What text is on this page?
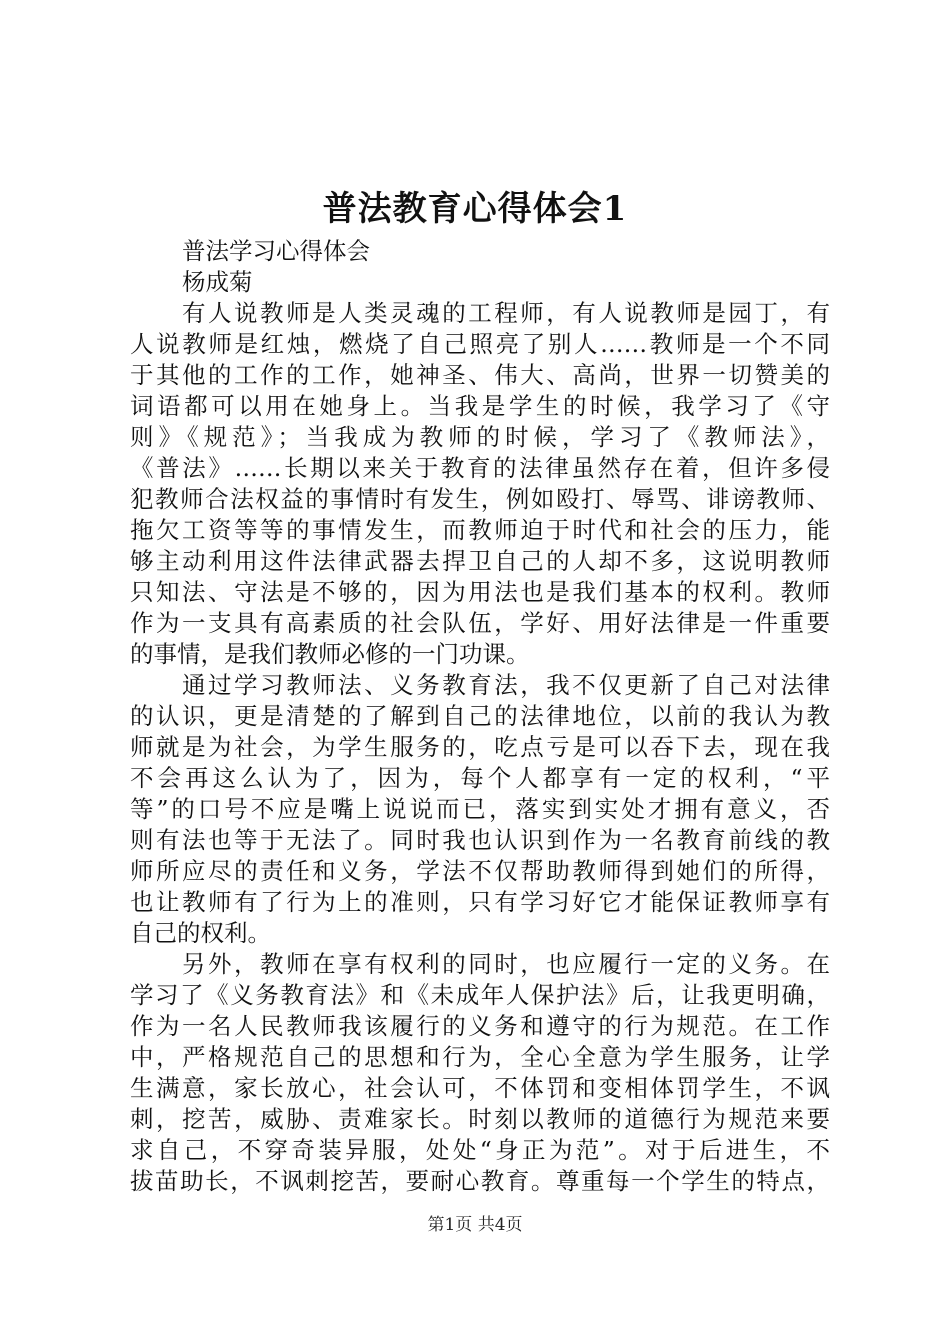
普法教育心得体会1
普法学习心得体会
杨成菊
有人说教师是人类灵魂的工程师，有人说教师是园丁，有
人说教师是红烛，燃烧了自己照亮了别人……教师是一个不同
于其他的工作的工作，她神圣、伟大、高尚，世界一切赞美的
词语都可以用在她身上。当我是学生的时候，我学习了《守
则》《规范》；当我成为教师的时候，学习了《教师法》，
《普法》……长期以来关于教育的法律虽然存在着，但许多侵
犯教师合法权益的事情时有发生，例如殴打、辱骂、诽谤教师、
拖欠工资等等的事情发生，而教师迫于时代和社会的压力，能
够主动利用这件法律武器去捍卫自己的人却不多，这说明教师
只知法、守法是不够的，因为用法也是我们基本的权利。教师
作为一支具有高素质的社会队伍，学好、用好法律是一件重要
的事情，是我们教师必修的一门功课。
通过学习教师法、义务教育法，我不仅更新了自己对法律
的认识，更是清楚的了解到自己的法律地位，以前的我认为教
师就是为社会，为学生服务的，吃点亏是可以吞下去，现在我
不会再这么认为了，因为，每个人都享有一定的权利，“平
等”的口号不应是嘴上说说而已，落实到实处才拥有意义，否
则有法也等于无法了。同时我也认识到作为一名教育前线的教
师所应尽的责任和义务，学法不仅帮助教师得到她们的所得，
也让教师有了行为上的准则，只有学习好它才能保证教师享有
自己的权利。
另外，教师在享有权利的同时，也应履行一定的义务。在
学习了《义务教育法》和《未成年人保护法》后，让我更明确，
作为一名人民教师我该履行的义务和遵守的行为规范。在工作
中，严格规范自己的思想和行为，全心全意为学生服务，让学
生满意，家长放心，社会认可，不体罚和变相体罚学生，不讽
刺，挖苦，威胁、责难家长。时刻以教师的道德行为规范来要
求自己，不穿奇装异服，处处“身正为范”。对于后进生，不
拔苗助长，不讽刺挖苦，要耐心教育。尊重每一个学生的特点，
第1页 共4页
